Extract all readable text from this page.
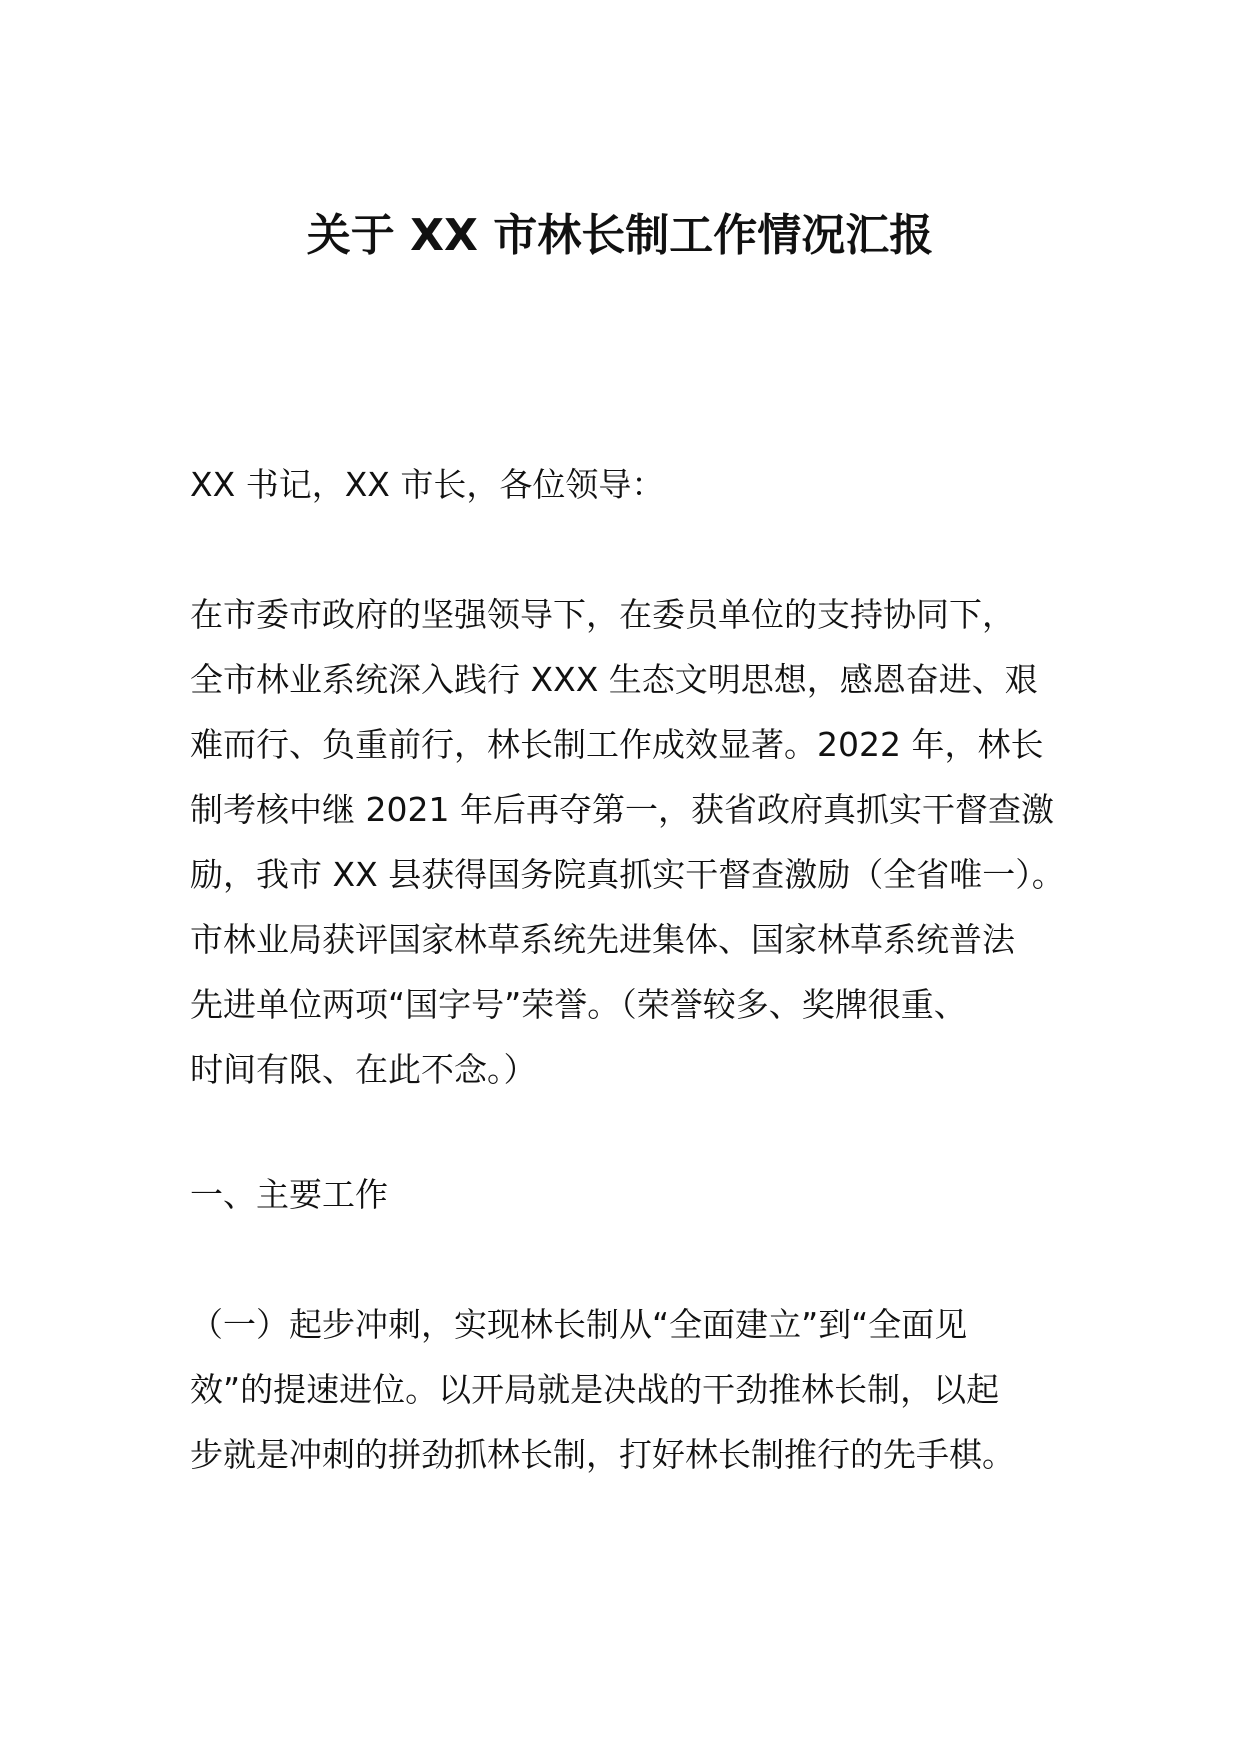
关于 XX 市林长制工作情况汇报
XX 书记，XX 市长，各位领导：
在市委市政府的坚强领导下，在委员单位的支持协同下，
全市林业系统深入践行 XXX 生态文明思想，感恩奋进、艰
难而行、负重前行，林长制工作成效显著。2022 年，林长
制考核中继 2021 年后再夺第一，获省政府真抓实干督查激
励，我市 XX 县获得国务院真抓实干督查激励（全省唯一）。
市林业局获评国家林草系统先进集体、国家林草系统普法
先进单位两项“国字号”荣誉。（荣誉较多、奖牌很重、
时间有限、在此不念。）
一、主要工作
（一）起步冲刺，实现林长制从“全面建立”到“全面见
效”的提速进位。以开局就是决战的干劲推林长制，以起
步就是冲刺的拼劲抓林长制，打好林长制推行的先手棋。
